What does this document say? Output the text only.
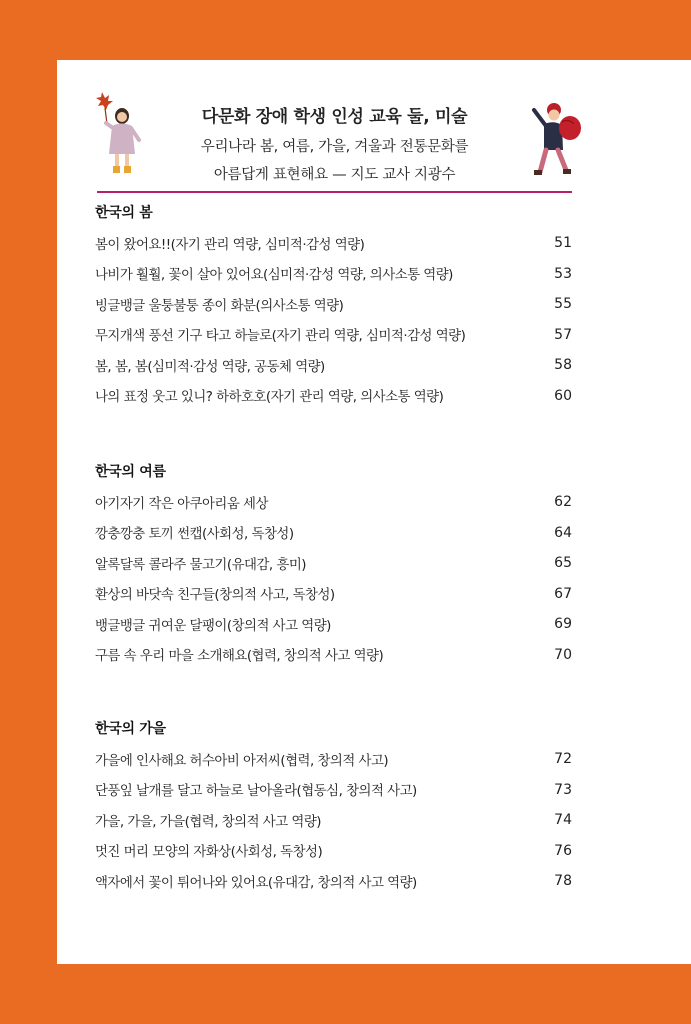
다문화 장애 학생 인성 교육 둘, 미술
우리나라 봄, 여름, 가을, 겨울과 전통문화를
아름답게 표현해요 — 지도 교사 지광수
한국의 봄
봄이 왔어요!!(자기 관리 역량, 심미적·감성 역량)	51
나비가 훨훨, 꽃이 살아 있어요(심미적·감성 역량, 의사소통 역량)	53
빙글뱅글 울퉁불퉁 종이 화분(의사소통 역량)	55
무지개색 풍선 기구 타고 하늘로(자기 관리 역량, 심미적·감성 역량)	57
봄, 봄, 봄(심미적·감성 역량, 공동체 역량)	58
나의 표정 웃고 있니? 하하호호(자기 관리 역량, 의사소통 역량)	60
한국의 여름
아기자기 작은 아쿠아리움 세상	62
깡충깡충 토끼 썬캡(사회성, 독창성)	64
알록달록 콜라주 물고기(유대감, 흥미)	65
환상의 바닷속 친구들(창의적 사고, 독창성)	67
뱅글뱅글 귀여운 달팽이(창의적 사고 역량)	69
구름 속 우리 마을 소개해요(협력, 창의적 사고 역량)	70
한국의 가을
가을에 인사해요 허수아비 아저씨(협력, 창의적 사고)	72
단풍잎 날개를 달고 하늘로 날아올라(협동심, 창의적 사고)	73
가을, 가을, 가을(협력, 창의적 사고 역량)	74
멋진 머리 모양의 자화상(사회성, 독창성)	76
액자에서 꽃이 튀어나와 있어요(유대감, 창의적 사고 역량)	78
